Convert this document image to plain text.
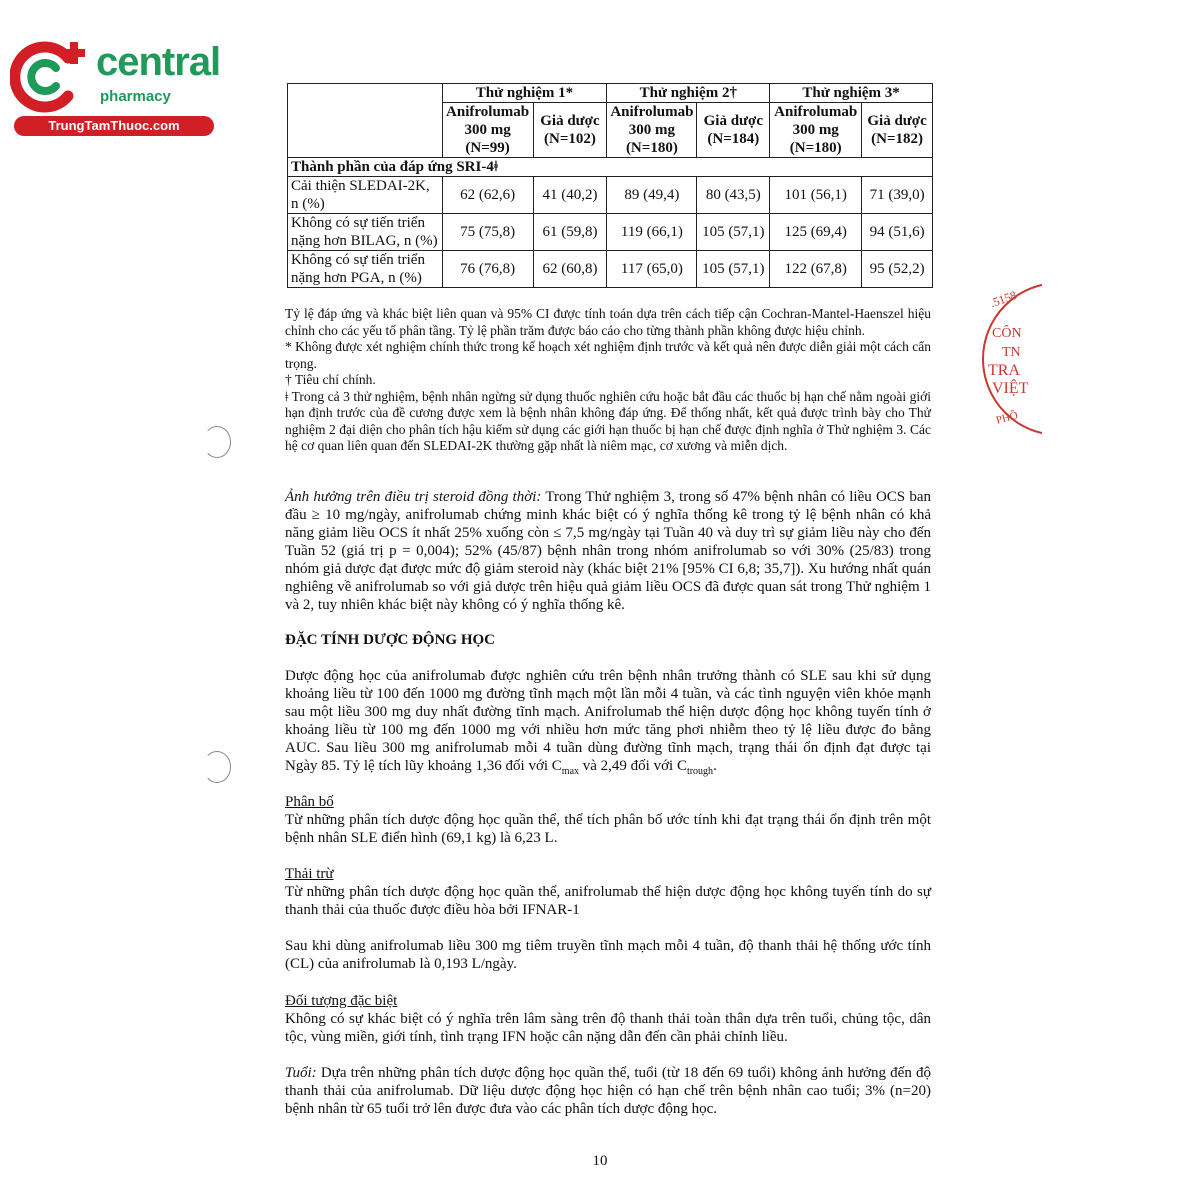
central
pharmacy
TrungTamThuoc.com
.5158
CÔN
TN
TRA
VIỆT
PHÔ
	Thử nghiệm 1*		Thử nghiệm 2†		Thử nghiệm 3*	
	Anifrolumab 300 mg (N=99)	Giả dược (N=102)	Anifrolumab 300 mg (N=180)	Giả dược (N=184)	Anifrolumab 300 mg (N=180)	Giả dược (N=182)
Thành phần của đáp ứng SRI-4ǂ						
Cải thiện SLEDAI-2K, n (%)	62 (62,6)	41 (40,2)	89 (49,4)	80 (43,5)	101 (56,1)	71 (39,0)
Không có sự tiến triển nặng hơn BILAG, n (%)	75 (75,8)	61 (59,8)	119 (66,1)	105 (57,1)	125 (69,4)	94 (51,6)
Không có sự tiến triển nặng hơn PGA, n (%)	76 (76,8)	62 (60,8)	117 (65,0)	105 (57,1)	122 (67,8)	95 (52,2)

Tỷ lệ đáp ứng và khác biệt liên quan và 95% CI được tính toán dựa trên cách tiếp cận Cochran-Mantel-Haenszel hiệu chỉnh cho các yếu tố phân tầng. Tỷ lệ phần trăm được báo cáo cho từng thành phần không được hiệu chỉnh.

* Không được xét nghiệm chính thức trong kế hoạch xét nghiệm định trước và kết quả nên được diễn giải một cách cẩn trọng.

† Tiêu chí chính.

ǂ Trong cả 3 thử nghiệm, bệnh nhân ngừng sử dụng thuốc nghiên cứu hoặc bắt đầu các thuốc bị hạn chế nằm ngoài giới hạn định trước của đề cương được xem là bệnh nhân không đáp ứng. Để thống nhất, kết quả được trình bày cho Thử nghiệm 2 đại diện cho phân tích hậu kiểm sử dụng các giới hạn thuốc bị hạn chế được định nghĩa ở Thử nghiệm 3. Các hệ cơ quan liên quan đến SLEDAI-2K thường gặp nhất là niêm mạc, cơ xương và miễn dịch.

Ảnh hưởng trên điều trị steroid đồng thời: Trong Thử nghiệm 3, trong số 47% bệnh nhân có liều OCS ban đầu ≥ 10 mg/ngày, anifrolumab chứng minh khác biệt có ý nghĩa thống kê trong tỷ lệ bệnh nhân có khả năng giảm liều OCS ít nhất 25% xuống còn ≤ 7,5 mg/ngày tại Tuần 40 và duy trì sự giảm liều này cho đến Tuần 52 (giá trị p = 0,004); 52% (45/87) bệnh nhân trong nhóm anifrolumab so với 30% (25/83) trong nhóm giả dược đạt được mức độ giảm steroid này (khác biệt 21% [95% CI 6,8; 35,7]). Xu hướng nhất quán nghiêng về anifrolumab so với giả dược trên hiệu quả giảm liều OCS đã được quan sát trong Thử nghiệm 1 và 2, tuy nhiên khác biệt này không có ý nghĩa thống kê.

ĐẶC TÍNH DƯỢC ĐỘNG HỌC

Dược động học của anifrolumab được nghiên cứu trên bệnh nhân trưởng thành có SLE sau khi sử dụng khoảng liều từ 100 đến 1000 mg đường tĩnh mạch một lần mỗi 4 tuần, và các tình nguyện viên khỏe mạnh sau một liều 300 mg duy nhất đường tĩnh mạch. Anifrolumab thể hiện dược động học không tuyến tính ở khoảng liều từ 100 mg đến 1000 mg với nhiều hơn mức tăng phơi nhiễm theo tỷ lệ liều được đo bằng AUC. Sau liều 300 mg anifrolumab mỗi 4 tuần dùng đường tĩnh mạch, trạng thái ổn định đạt được tại Ngày 85. Tỷ lệ tích lũy khoảng 1,36 đối với $C_{max}$ và 2,49 đối với $C_{trough}$.

Phân bố

Từ những phân tích dược động học quần thể, thể tích phân bố ước tính khi đạt trạng thái ổn định trên một bệnh nhân SLE điển hình (69,1 kg) là 6,23 L.

Thải trừ

Từ những phân tích dược động học quần thể, anifrolumab thể hiện dược động học không tuyến tính do sự thanh thải của thuốc được điều hòa bởi IFNAR-1

Sau khi dùng anifrolumab liều 300 mg tiêm truyền tĩnh mạch mỗi 4 tuần, độ thanh thải hệ thống ước tính (CL) của anifrolumab là 0,193 L/ngày.

Đối tượng đặc biệt

Không có sự khác biệt có ý nghĩa trên lâm sàng trên độ thanh thải toàn thân dựa trên tuổi, chủng tộc, dân tộc, vùng miền, giới tính, tình trạng IFN hoặc cân nặng dẫn đến cần phải chỉnh liều.

Tuổi: Dựa trên những phân tích dược động học quần thể, tuổi (từ 18 đến 69 tuổi) không ảnh hưởng đến độ thanh thải của anifrolumab. Dữ liệu dược động học hiện có hạn chế trên bệnh nhân cao tuổi; 3% (n=20) bệnh nhân từ 65 tuổi trở lên được đưa vào các phân tích dược động học.

10
